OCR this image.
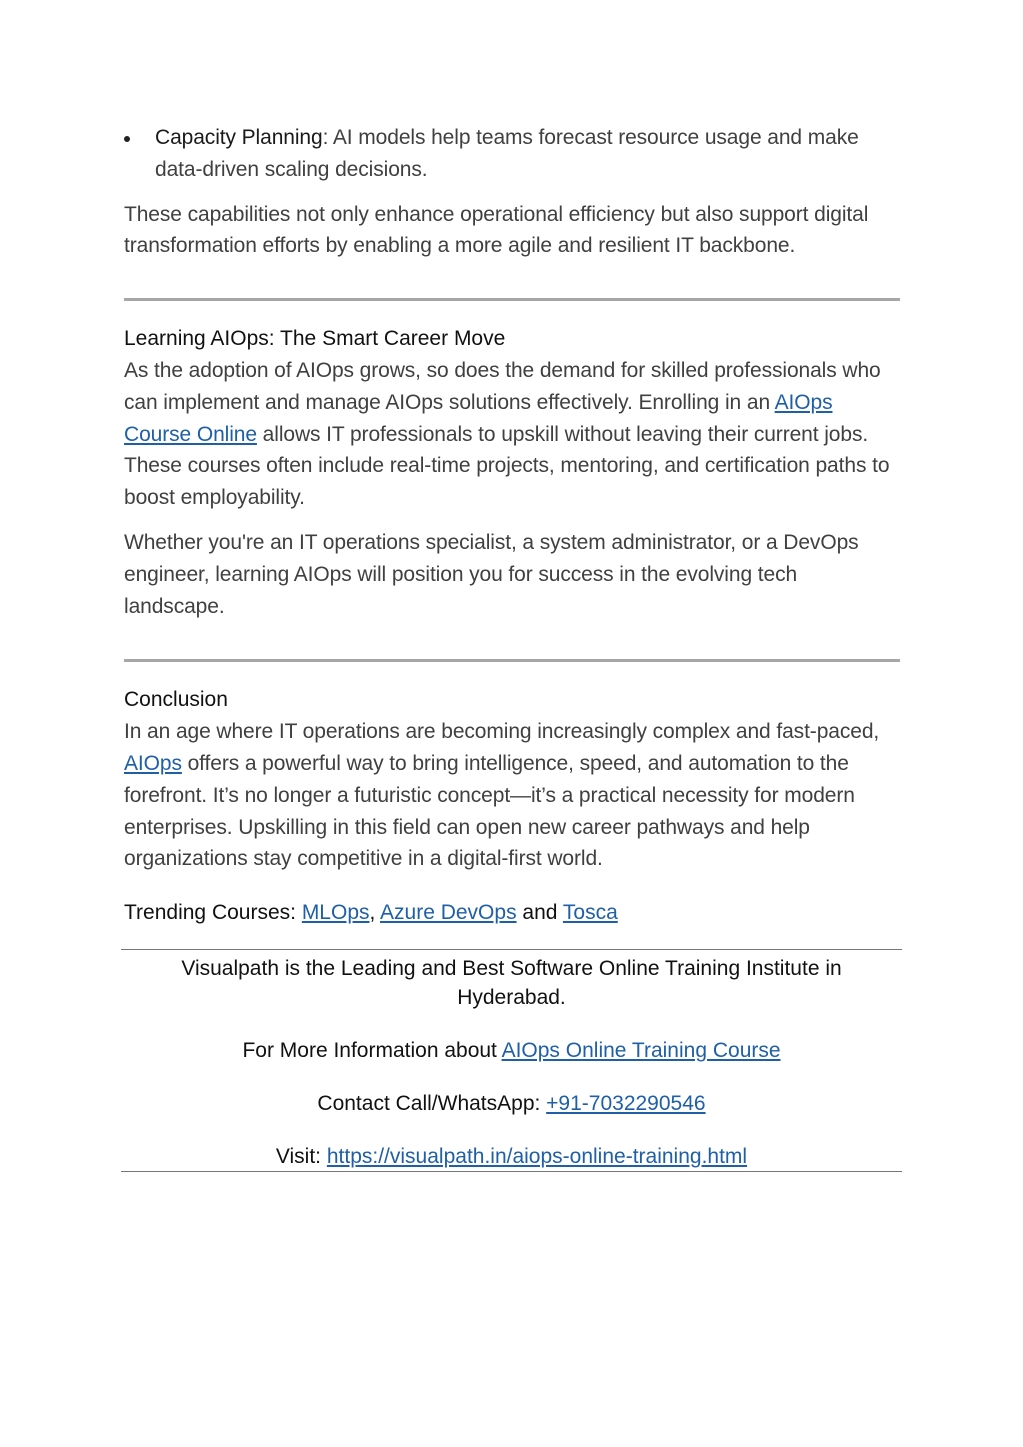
Capacity Planning: AI models help teams forecast resource usage and make data-driven scaling decisions.

These capabilities not only enhance operational efficiency but also support digital transformation efforts by enabling a more agile and resilient IT backbone.

Learning AIOps: The Smart Career Move

As the adoption of AIOps grows, so does the demand for skilled professionals who can implement and manage AIOps solutions effectively. Enrolling in an AIOps Course Online allows IT professionals to upskill without leaving their current jobs. These courses often include real-time projects, mentoring, and certification paths to boost employability.

Whether you're an IT operations specialist, a system administrator, or a DevOps engineer, learning AIOps will position you for success in the evolving tech landscape.

Conclusion

In an age where IT operations are becoming increasingly complex and fast-paced, AIOps offers a powerful way to bring intelligence, speed, and automation to the forefront. It’s no longer a futuristic concept—it’s a practical necessity for modern enterprises. Upskilling in this field can open new career pathways and help organizations stay competitive in a digital-first world.

Trending Courses: MLOps, Azure DevOps and Tosca

Visualpath is the Leading and Best Software Online Training Institute in Hyderabad.

For More Information about AIOps Online Training Course

Contact Call/WhatsApp: +91-7032290546

Visit: https://visualpath.in/aiops-online-training.html
